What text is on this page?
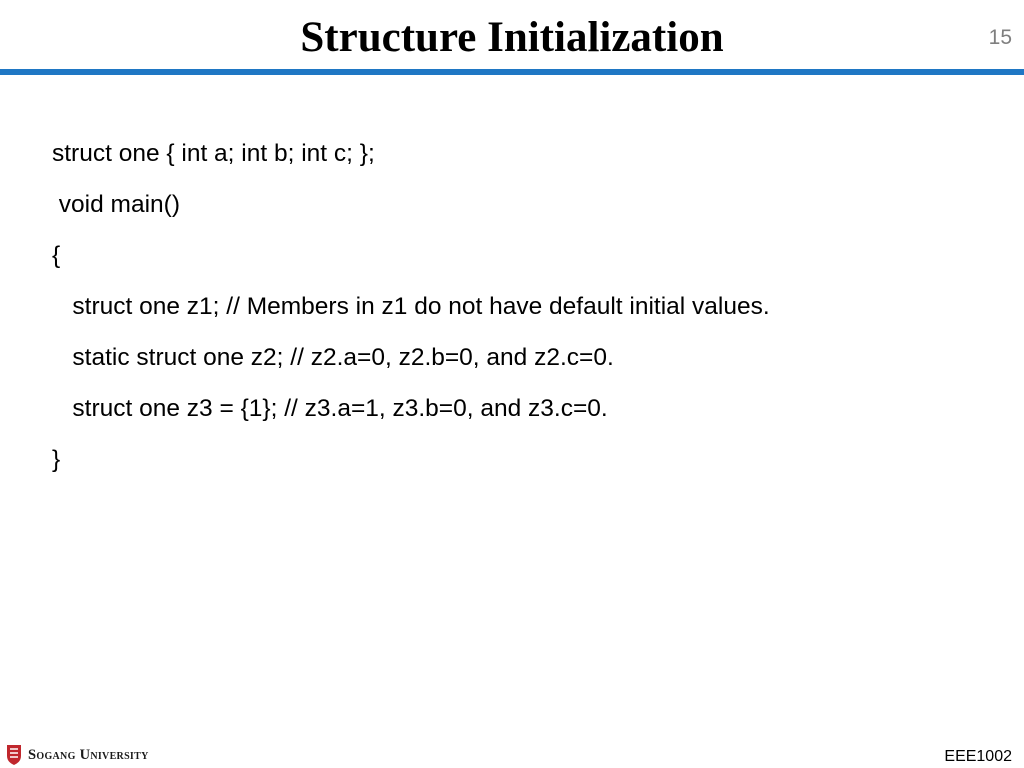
Structure Initialization	15
struct one { int a; int b; int c; };
void main()
{
struct one z1; // Members in z1 do not have default initial values.
static struct one z2; // z2.a=0, z2.b=0, and z2.c=0.
struct one z3 = {1}; // z3.a=1, z3.b=0, and z3.c=0.
}
Sogang University	EEE1002
